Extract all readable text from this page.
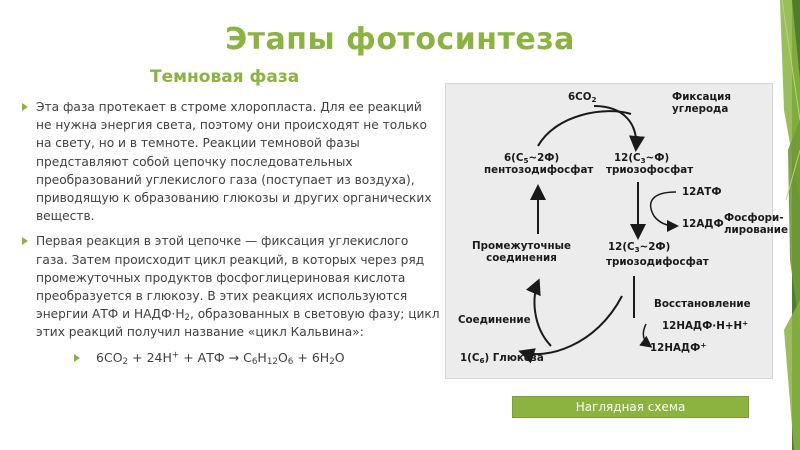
Этапы фотосинтеза
Темновая фаза
Эта фаза протекает в строме хлоропласта. Для ее реакций не нужна энергия света, поэтому они происходят не только на свету, но и в темноте. Реакции темновой фазы представляют собой цепочку последовательных преобразований углекислого газа (поступает из воздуха), приводящую к образованию глюкозы и других органических веществ.
Первая реакция в этой цепочке — фиксация углекислого газа. Затем происходит цикл реакций, в которых через ряд промежуточных продуктов фосфоглицериновая кислота преобразуется в глюкозу. В этих реакциях используются энергии АТФ и $НАДФ\cdot Н_2$, образованных в световую фазу; цикл этих реакций получил название «цикл Кальвина»:
$6CO_2 + 24H^+$ + АТФ → $C_6H_{12}O_6 + 6H_2O$
$6CO_2$	Фиксация
углерода
$6(C_5\sim 2Ф)$
пентозодифосфат
$12(C_3\sim Ф)$
триозофосфат
12АТФ
12АДФ Фосфори-
лирование
Промежуточные
соединения
$12(C_3\sim 2Ф)$
триозодифосфат
Восстановление
12НАДФ·Н+Н+
12НАДФ+
Соединение
$1(C_6)$ Глюкоза
Наглядная схема
